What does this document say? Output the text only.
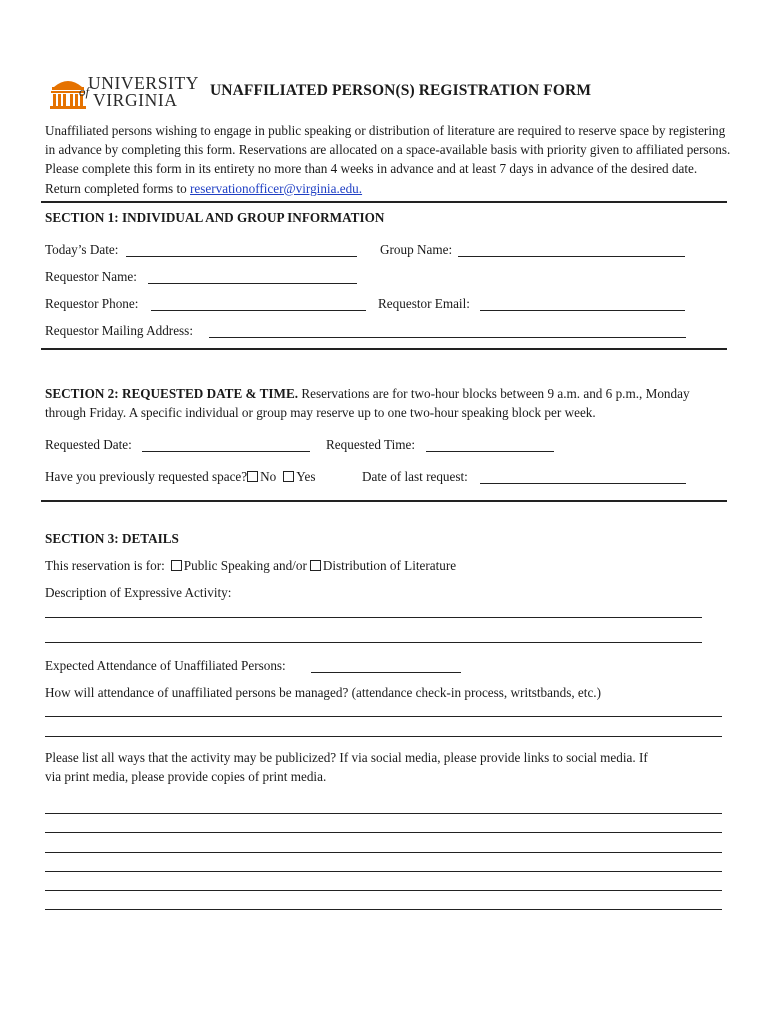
UNIVERSITY
of VIRGINIA UNAFFILIATED PERSON(S) REGISTRATION FORM
Unaffiliated persons wishing to engage in public speaking or distribution of literature are required to reserve space by registering in advance by completing this form. Reservations are allocated on a space-available basis with priority given to affiliated persons. Please complete this form in its entirety no more than 4 weeks in advance and at least 7 days in advance of the desired date. Return completed forms to reservationofficer@virginia.edu.
SECTION 1: INDIVIDUAL AND GROUP INFORMATION
Today’s Date:	Group Name:
Requestor Name:
Requestor Phone:	Requestor Email:
Requestor Mailing Address:
SECTION 2: REQUESTED DATE & TIME. Reservations are for two-hour blocks between 9 a.m. and 6 p.m., Monday
through Friday. A specific individual or group may reserve up to one two-hour speaking block per week.
Requested Date:	Requested Time:
Have you previously requested space? No Yes	Date of last request:
SECTION 3: DETAILS
This reservation is for: Public Speaking and/or Distribution of Literature
Description of Expressive Activity:
Expected Attendance of Unaffiliated Persons:
How will attendance of unaffiliated persons be managed? (attendance check-in process, writstbands, etc.)
Please list all ways that the activity may be publicized? If via social media, please provide links to social media. If
via print media, please provide copies of print media.
